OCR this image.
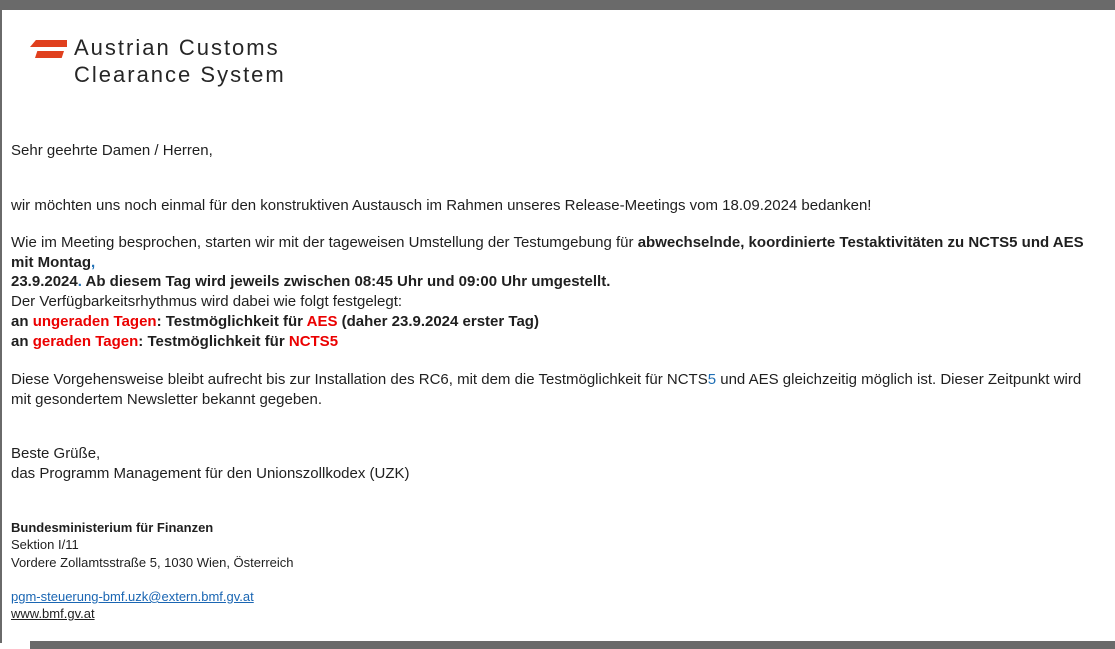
Austrian Customs
Clearance System
Sehr geehrte Damen / Herren,
wir möchten uns noch einmal für den konstruktiven Austausch im Rahmen unseres Release-Meetings vom 18.09.2024 bedanken!
Wie im Meeting besprochen, starten wir mit der tageweisen Umstellung der Testumgebung für abwechselnde, koordinierte Testaktivitäten zu NCTS5 und AES mit Montag,
23.9.2024. Ab diesem Tag wird jeweils zwischen 08:45 Uhr und 09:00 Uhr umgestellt.
Der Verfügbarkeitsrhythmus wird dabei wie folgt festgelegt:
an ungeraden Tagen: Testmöglichkeit für AES (daher 23.9.2024 erster Tag)
an geraden Tagen: Testmöglichkeit für NCTS5
Diese Vorgehensweise bleibt aufrecht bis zur Installation des RC6, mit dem die Testmöglichkeit für NCTS5 und AES gleichzeitig möglich ist. Dieser Zeitpunkt wird mit gesondertem Newsletter bekannt gegeben.
Beste Grüße,
das Programm Management für den Unionszollkodex (UZK)
Bundesministerium für Finanzen
Sektion I/11
Vordere Zollamtsstraße 5, 1030 Wien, Österreich
pgm-steuerung-bmf.uzk@extern.bmf.gv.at
www.bmf.gv.at
